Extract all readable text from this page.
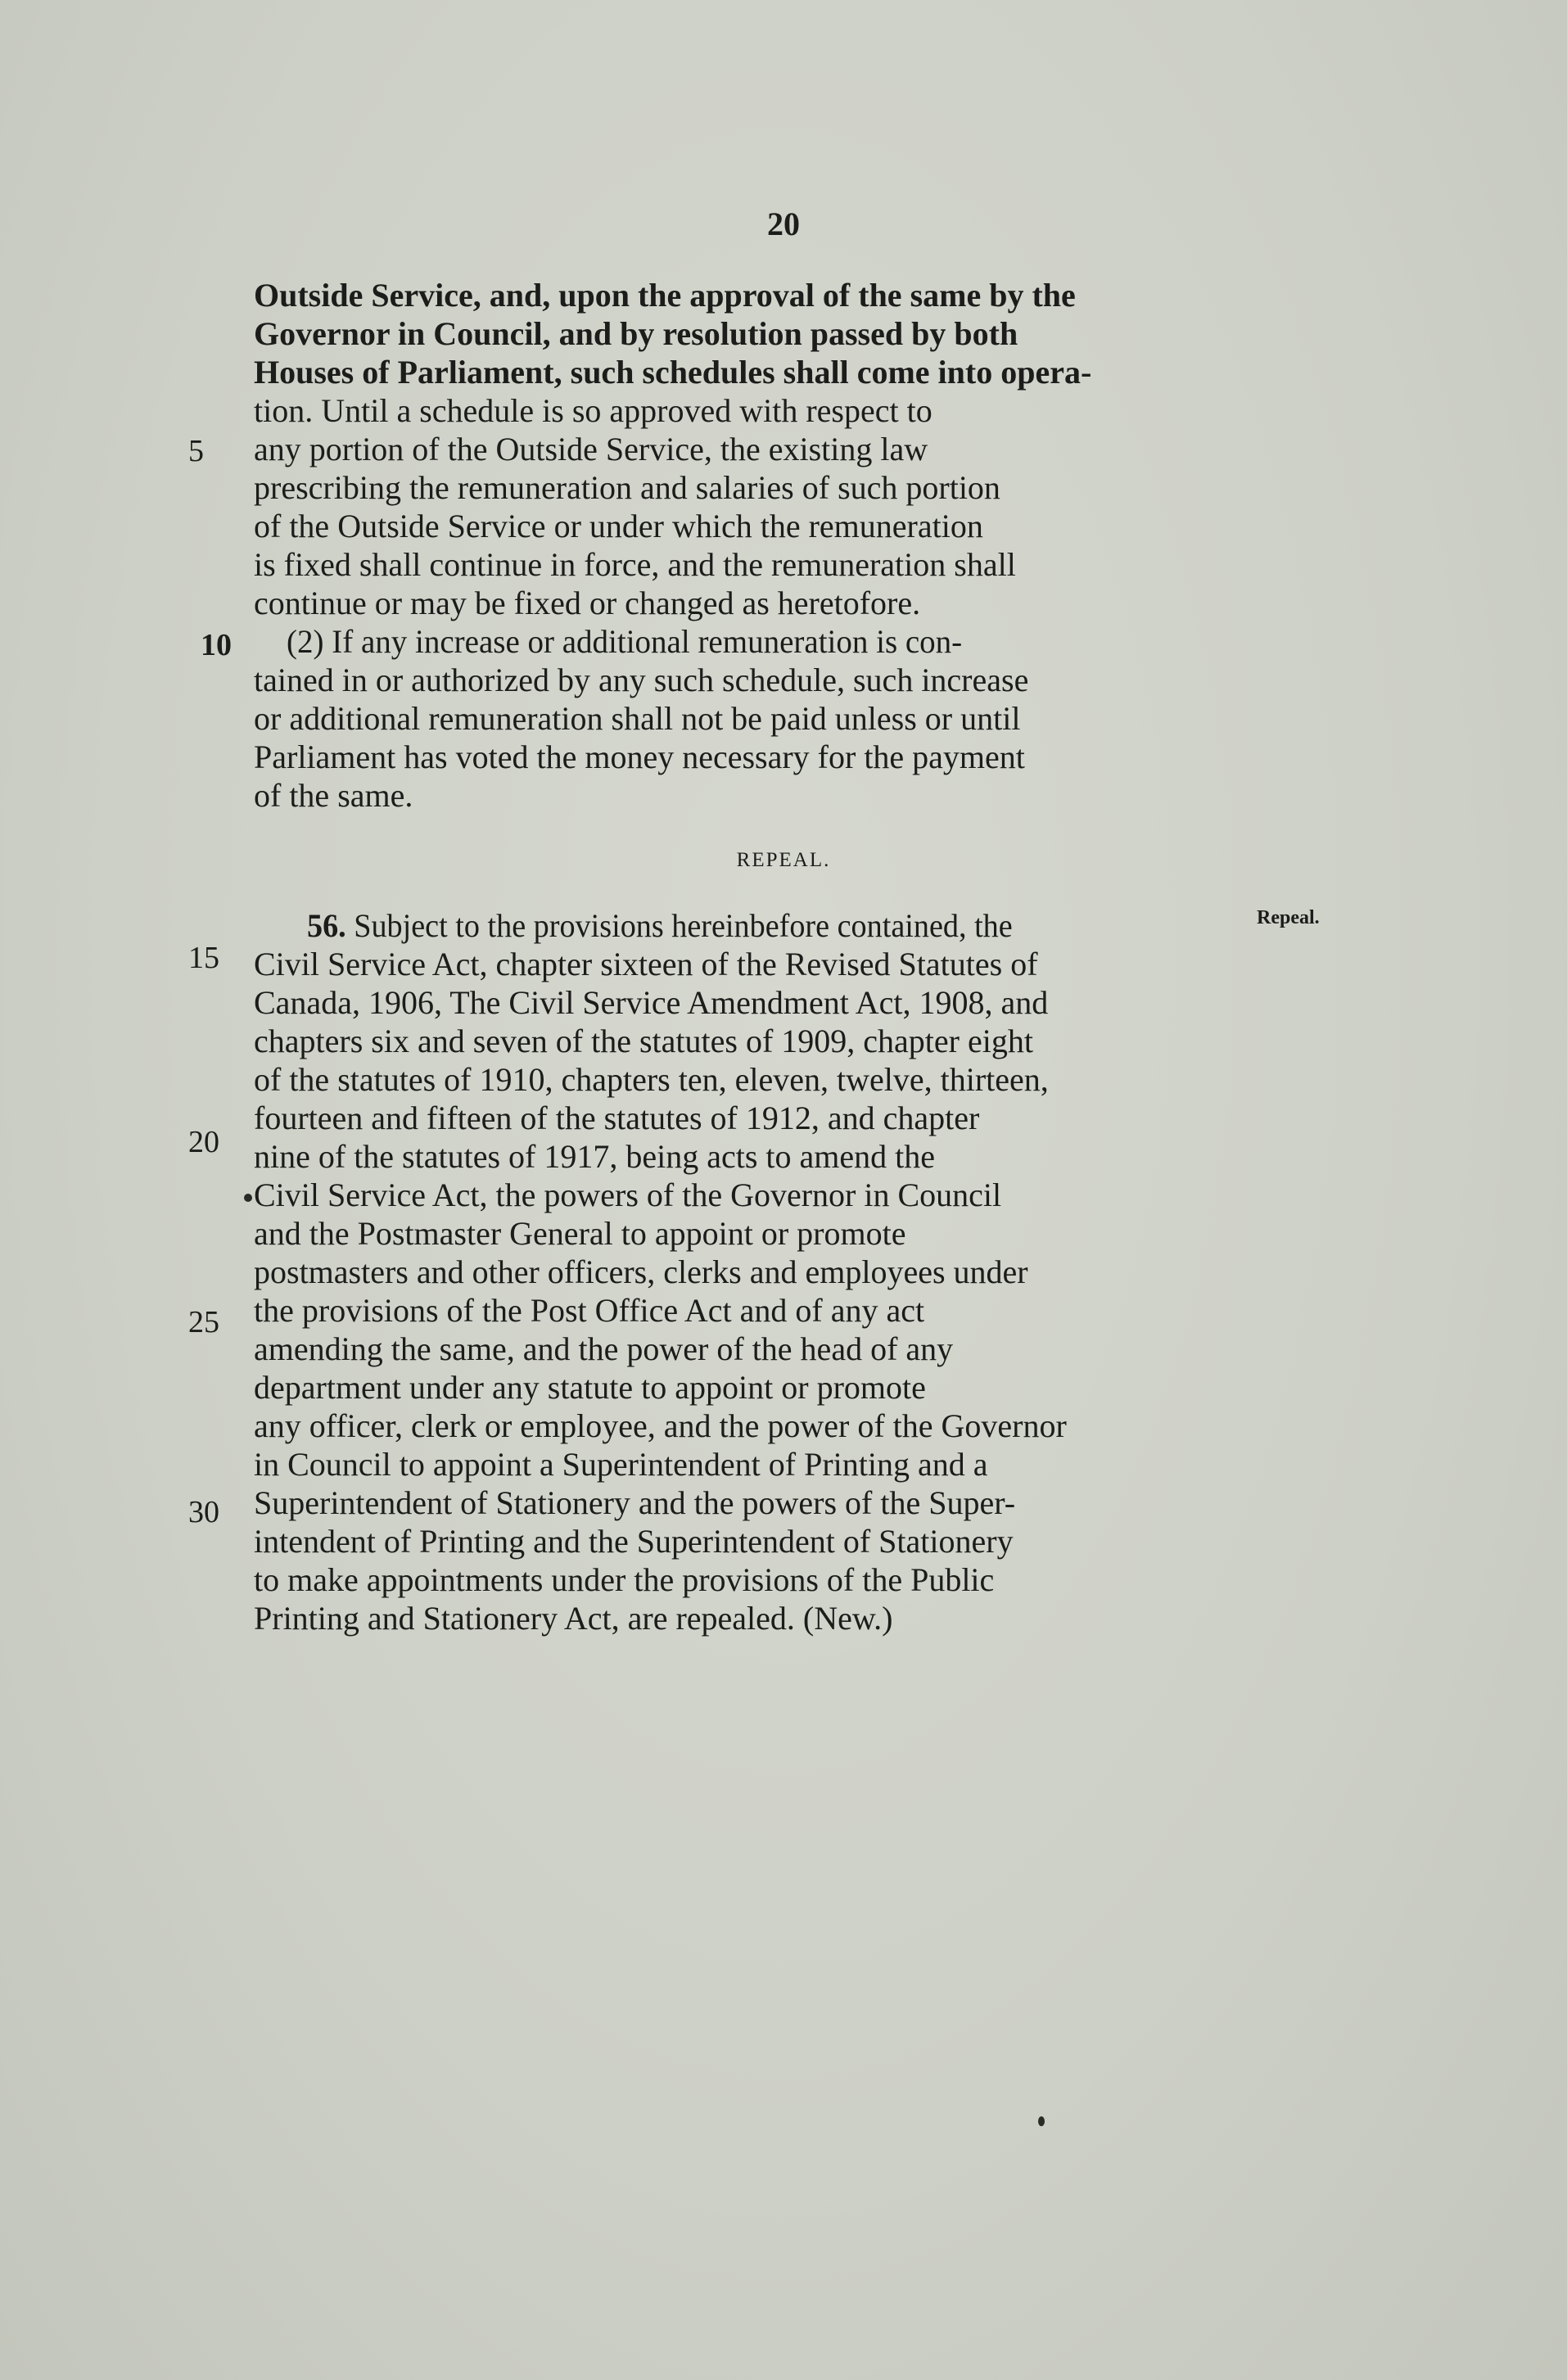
20
Outside Service, and, upon the approval of the same by the
Governor in Council, and by resolution passed by both
Houses of Parliament, such schedules shall come into opera-
tion. Until a schedule is so approved with respect to
5	any portion of the Outside Service, the existing law
prescribing the remuneration and salaries of such portion
of the Outside Service or under which the remuneration
is fixed shall continue in force, and the remuneration shall
continue or may be fixed or changed as heretofore.
10	(2) If any increase or additional remuneration is con-
tained in or authorized by any such schedule, such increase
or additional remuneration shall not be paid unless or until
Parliament has voted the money necessary for the payment
of the same.
REPEAL.
Repeal.
15
56. Subject to the provisions hereinbefore contained, the
Civil Service Act, chapter sixteen of the Revised Statutes of
Canada, 1906, The Civil Service Amendment Act, 1908, and
chapters six and seven of the statutes of 1909, chapter eight
of the statutes of 1910, chapters ten, eleven, twelve, thirteen,
20
fourteen and fifteen of the statutes of 1912, and chapter
nine of the statutes of 1917, being acts to amend the
Civil Service Act, the powers of the Governor in Council
and the Postmaster General to appoint or promote
postmasters and other officers, clerks and employees under
25	the provisions of the Post Office Act and of any act
amending the same, and the power of the head of any
department under any statute to appoint or promote
any officer, clerk or employee, and the power of the Governor
in Council to appoint a Superintendent of Printing and a
30	Superintendent of Stationery and the powers of the Super-
intendent of Printing and the Superintendent of Stationery
to make appointments under the provisions of the Public
Printing and Stationery Act, are repealed. (New.)
